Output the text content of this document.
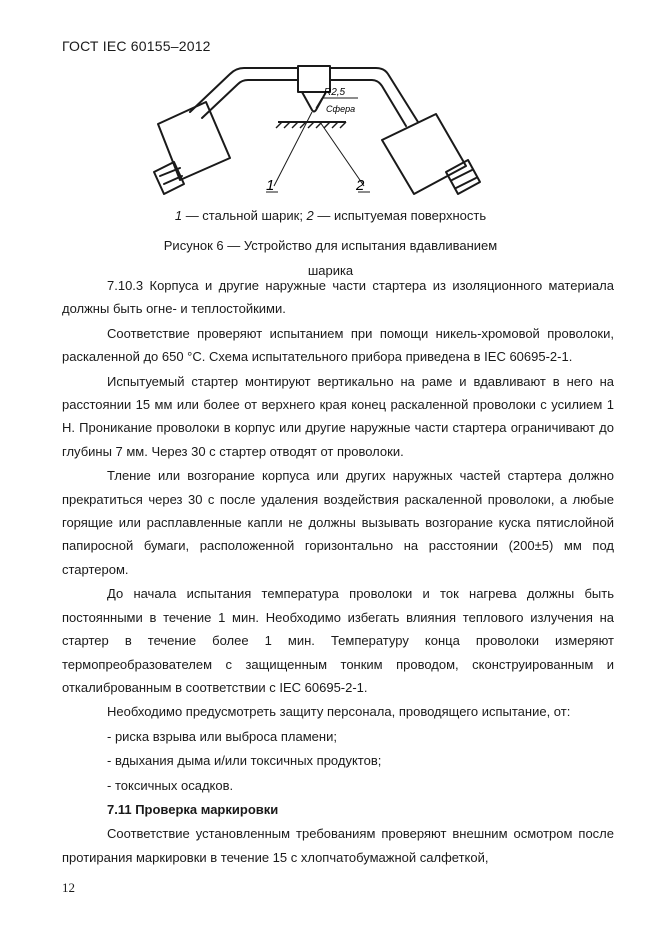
ГОСТ IEC 60155–2012
R2,5
Сфера
1	2
1 — стальной шарик; 2 — испытуемая поверхность
Рисунок 6 — Устройство для испытания вдавливанием
шарика

7.10.3 Корпуса и другие наружные части стартера из изоляционного материала должны быть огне- и теплостойкими.

Соответствие проверяют испытанием при помощи никель-хромовой проволоки, раскаленной до 650 °С. Схема испытательного прибора приведена в IEC 60695-2-1.

Испытуемый стартер монтируют вертикально на раме и вдавливают в него на расстоянии 15 мм или более от верхнего края конец раскаленной проволоки с усилием 1 Н. Проникание проволоки в корпус или другие наружные части стартера ограничивают до глубины 7 мм. Через 30 с стартер отводят от проволоки.

Тление или возгорание корпуса или других наружных частей стартера должно прекратиться через 30 с после удаления воздействия раскаленной проволоки, а любые горящие или расплавленные капли не должны вызывать возгорание куска пятислойной папиросной бумаги, расположенной горизонтально на расстоянии (200±5) мм под стартером.

До начала испытания температура проволоки и ток нагрева должны быть постоянными в течение 1 мин. Необходимо избегать влияния теплового излучения на стартер в течение более 1 мин. Температуру конца проволоки измеряют термопреобразователем с защищенным тонким проводом, сконструированным и откалиброванным в соответствии с IEC 60695-2-1.

Необходимо предусмотреть защиту персонала, проводящего испытание, от:

- риска взрыва или выброса пламени;

- вдыхания дыма и/или токсичных продуктов;

- токсичных осадков.

7.11 Проверка маркировки

Соответствие установленным требованиям проверяют внешним осмотром после протирания маркировки в течение 15 с хлопчатобумажной салфеткой,

12
